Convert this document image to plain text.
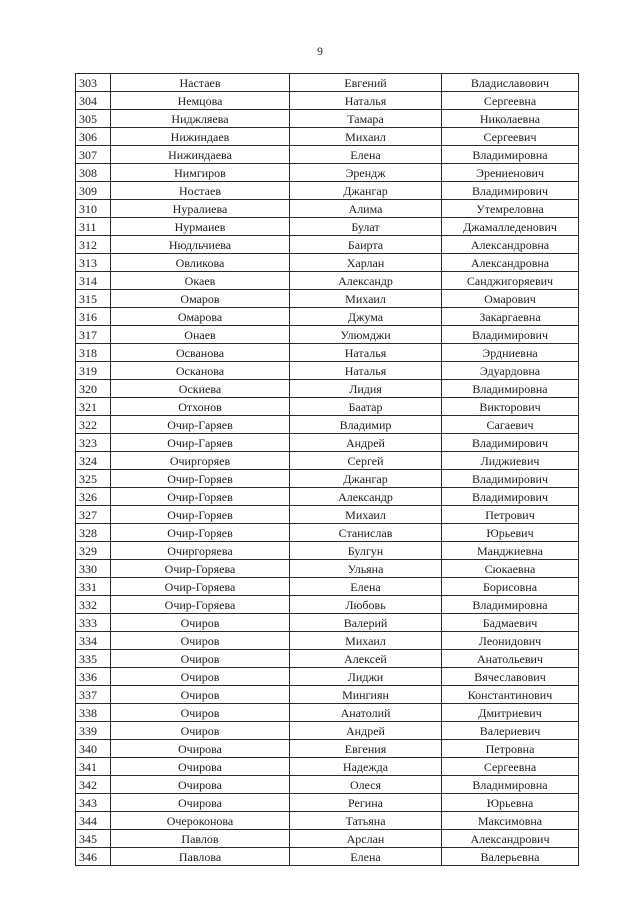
9
303	Настаев	Евгений	Владиславович
304	Немцова	Наталья	Сергеевна
305	Ниджляева	Тамара	Николаевна
306	Нижиндаев	Михаил	Сергеевич
307	Нижиндаева	Елена	Владимировна
308	Нимгиров	Эрендж	Эрениенович
309	Ностаев	Джангар	Владимирович
310	Нуралиева	Алима	Утемреловна
311	Нурмаиев	Булат	Джамалледенович
312	Нюдльчиева	Баирта	Александровна
313	Овликова	Харлан	Александровна
314	Окаев	Александр	Санджигоряевич
315	Омаров	Михаил	Омарович
316	Омарова	Джума	Закаргаевна
317	Онаев	Улюмджи	Владимирович
318	Осванова	Наталья	Эрдниевна
319	Осканова	Наталья	Эдуардовна
320	Оскиева	Лидия	Владимировна
321	Отхонов	Баатар	Викторович
322	Очир-Гаряев	Владимир	Сагаевич
323	Очир-Гаряев	Андрей	Владимирович
324	Очиргоряев	Сергей	Лиджиевич
325	Очир-Горяев	Джангар	Владимирович
326	Очир-Горяев	Александр	Владимирович
327	Очир-Горяев	Михаил	Петрович
328	Очир-Горяев	Станислав	Юрьевич
329	Очиргоряева	Булгун	Манджиевна
330	Очир-Горяева	Ульяна	Сюкаевна
331	Очир-Горяева	Елена	Борисовна
332	Очир-Горяева	Любовь	Владимировна
333	Очиров	Валерий	Бадмаевич
334	Очиров	Михаил	Леонидович
335	Очиров	Алексей	Анатольевич
336	Очиров	Лиджи	Вячеславович
337	Очиров	Мингиян	Константинович
338	Очиров	Анатолий	Дмитриевич
339	Очиров	Андрей	Валериевич
340	Очирова	Евгения	Петровна
341	Очирова	Надежда	Сергеевна
342	Очирова	Олеся	Владимировна
343	Очирова	Регина	Юрьевна
344	Очероконова	Татьяна	Максимовна
345	Павлов	Арслан	Александрович
346	Павлова	Елена	Валерьевна
